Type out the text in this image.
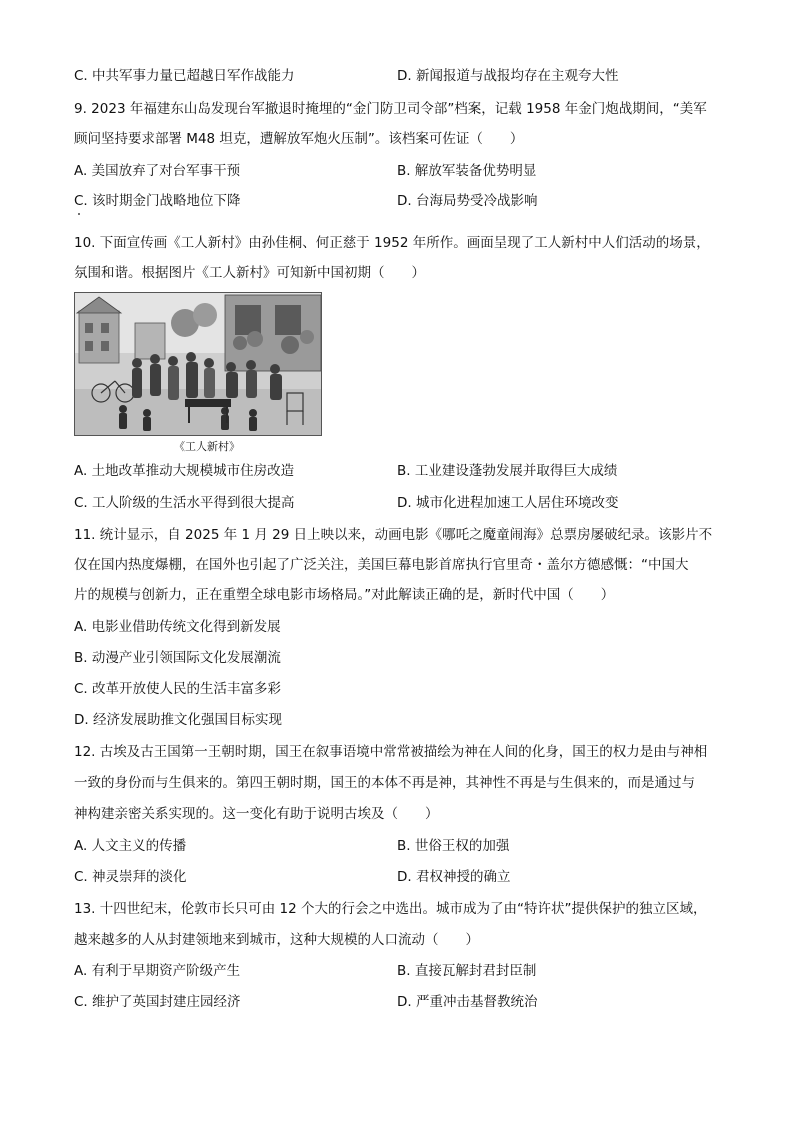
C. 中共军事力量已超越日军作战能力	D. 新闻报道与战报均存在主观夸大性
9. 2023 年福建东山岛发现台军撤退时掩埋的“金门防卫司令部”档案，记载 1958 年金门炮战期间，“美军
顾问坚持要求部署 M48 坦克，遭解放军炮火压制”。该档案可佐证（　　）
A. 美国放弃了对台军事干预	B. 解放军装备优势明显
C. 该时期金门战略地位下降	D. 台海局势受冷战影响
10. 下面宣传画《工人新村》由孙佳桐、何正慈于 1952 年所作。画面呈现了工人新村中人们活动的场景，
氛围和谐。根据图片《工人新村》可知新中国初期（　　）
《工人新村》
A. 土地改革推动大规模城市住房改造	B. 工业建设蓬勃发展并取得巨大成绩
C. 工人阶级的生活水平得到很大提高	D. 城市化进程加速工人居住环境改变
11. 统计显示，自 2025 年 1 月 29 日上映以来，动画电影《哪吒之魔童闹海》总票房屡破纪录。该影片不
仅在国内热度爆棚，在国外也引起了广泛关注，美国巨幕电影首席执行官里奇・盖尔方德感慨：“中国大
片的规模与创新力，正在重塑全球电影市场格局。”对此解读正确的是，新时代中国（　　）
A. 电影业借助传统文化得到新发展
B. 动漫产业引领国际文化发展潮流
C. 改革开放使人民的生活丰富多彩
D. 经济发展助推文化强国目标实现
12. 古埃及古王国第一王朝时期，国王在叙事语境中常常被描绘为神在人间的化身，国王的权力是由与神相
一致的身份而与生俱来的。第四王朝时期，国王的本体不再是神，其神性不再是与生俱来的，而是通过与
神构建亲密关系实现的。这一变化有助于说明古埃及（　　）
A. 人文主义的传播	B. 世俗王权的加强
C. 神灵崇拜的淡化	D. 君权神授的确立
13. 十四世纪末，伦敦市长只可由 12 个大的行会之中选出。城市成为了由“特许状”提供保护的独立区域，
越来越多的人从封建领地来到城市，这种大规模的人口流动（　　）
A. 有利于早期资产阶级产生	B. 直接瓦解封君封臣制
C. 维护了英国封建庄园经济	D. 严重冲击基督教统治
